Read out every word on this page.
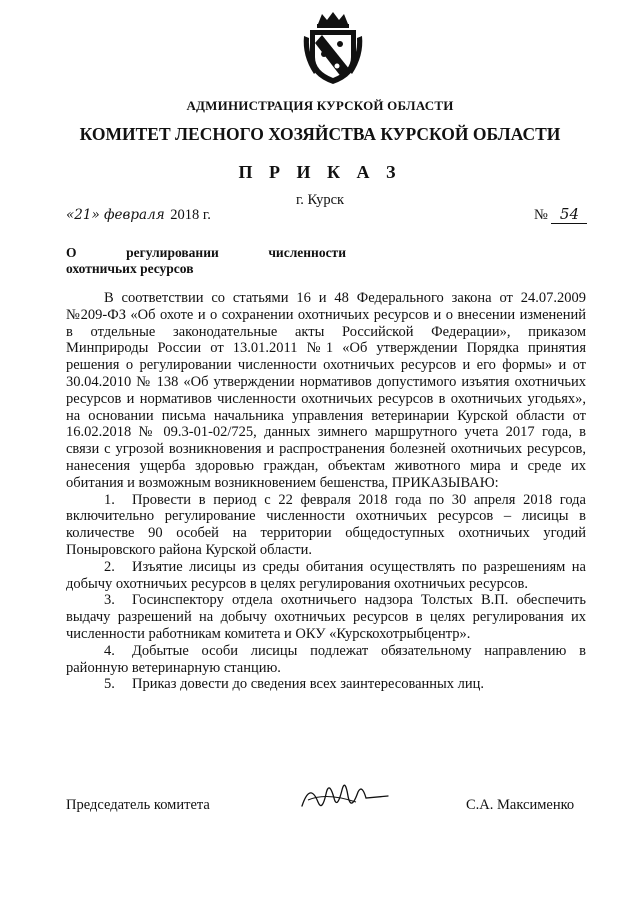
АДМИНИСТРАЦИЯ КУРСКОЙ ОБЛАСТИ
КОМИТЕТ ЛЕСНОГО ХОЗЯЙСТВА КУРСКОЙ ОБЛАСТИ
П Р И К А З
г. Курск
«21» февраля 2018 г.	№ 54
О	регулировании	численности
охотничьих ресурсов

В соответствии со статьями 16 и 48 Федерального закона от 24.07.2009 №209-ФЗ «Об охоте и о сохранении охотничьих ресурсов и о внесении изменений в отдельные законодательные акты Российской Федерации», приказом Минприроды России от 13.01.2011 №1 «Об утверждении Порядка принятия решения о регулировании численности охотничьих ресурсов и его формы» и от 30.04.2010 № 138 «Об утверждении нормативов допустимого изъятия охотничьих ресурсов и нормативов численности охотничьих ресурсов в охотничьих угодьях», на основании письма начальника управления ветеринарии Курской области от 16.02.2018 № 09.3-01-02/725, данных зимнего маршрутного учета 2017 года, в связи с угрозой возникновения и распространения болезней охотничьих ресурсов, нанесения ущерба здоровью граждан, объектам животного мира и среде их обитания и возможным возникновением бешенства, ПРИКАЗЫВАЮ:

1. Провести в период с 22 февраля 2018 года по 30 апреля 2018 года включительно регулирование численности охотничьих ресурсов – лисицы в количестве 90 особей на территории общедоступных охотничьих угодий Поныровского района Курской области.

2. Изъятие лисицы из среды обитания осуществлять по разрешениям на добычу охотничьих ресурсов в целях регулирования охотничьих ресурсов.

3. Госинспектору отдела охотничьего надзора Толстых В.П. обеспечить выдачу разрешений на добычу охотничьих ресурсов в целях регулирования их численности работникам комитета и ОКУ «Курскохотрыбцентр».

4. Добытые особи лисицы подлежат обязательному направлению в районную ветеринарную станцию.

5. Приказ довести до сведения всех заинтересованных лиц.

Председатель комитета	С.А. Максименко
